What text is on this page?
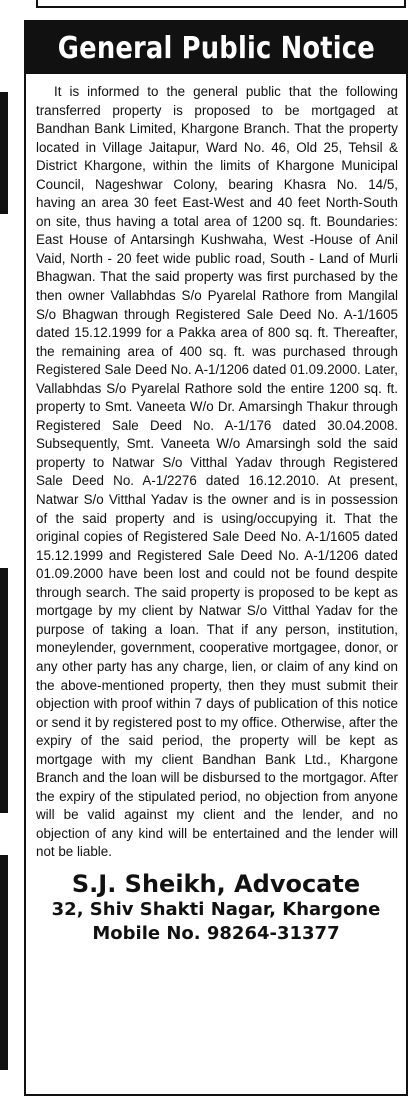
General Public Notice

It is informed to the general public that the following transferred property is proposed to be mortgaged at Bandhan Bank Limited, Khargone Branch. That the property located in Village Jaitapur, Ward No. 46, Old 25, Tehsil & District Khargone, within the limits of Khargone Municipal Council, Nageshwar Colony, bearing Khasra No. 14/5, having an area 30 feet East-West and 40 feet North-South on site, thus having a total area of 1200 sq. ft. Boundaries: East House of Antarsingh Kushwaha, West -House of Anil Vaid, North - 20 feet wide public road, South - Land of Murli Bhagwan. That the said property was first purchased by the then owner Vallabhdas S/o Pyarelal Rathore from Mangilal S/o Bhagwan through Registered Sale Deed No. A-1/1605 dated 15.12.1999 for a Pakka area of 800 sq. ft. Thereafter, the remaining area of 400 sq. ft. was purchased through Registered Sale Deed No. A-1/1206 dated 01.09.2000. Later, Vallabhdas S/o Pyarelal Rathore sold the entire 1200 sq. ft. property to Smt. Vaneeta W/o Dr. Amarsingh Thakur through Registered Sale Deed No. A-1/176 dated 30.04.2008. Subsequently, Smt. Vaneeta W/o Amarsingh sold the said property to Natwar S/o Vitthal Yadav through Registered Sale Deed No. A-1/2276 dated 16.12.2010. At present, Natwar S/o Vitthal Yadav is the owner and is in possession of the said property and is using/occupying it. That the original copies of Registered Sale Deed No. A-1/1605 dated 15.12.1999 and Registered Sale Deed No. A-1/1206 dated 01.09.2000 have been lost and could not be found despite through search. The said property is proposed to be kept as mortgage by my client by Natwar S/o Vitthal Yadav for the purpose of taking a loan. That if any person, institution, moneylender, government, cooperative mortgagee, donor, or any other party has any charge, lien, or claim of any kind on the above-mentioned property, then they must submit their objection with proof within 7 days of publication of this notice or send it by registered post to my office. Otherwise, after the expiry of the said period, the property will be kept as mortgage with my client Bandhan Bank Ltd., Khargone Branch and the loan will be disbursed to the mortgagor. After the expiry of the stipulated period, no objection from anyone will be valid against my client and the lender, and no objection of any kind will be entertained and the lender will not be liable.

S.J. Sheikh, Advocate
32, Shiv Shakti Nagar, Khargone
Mobile No. 98264-31377
